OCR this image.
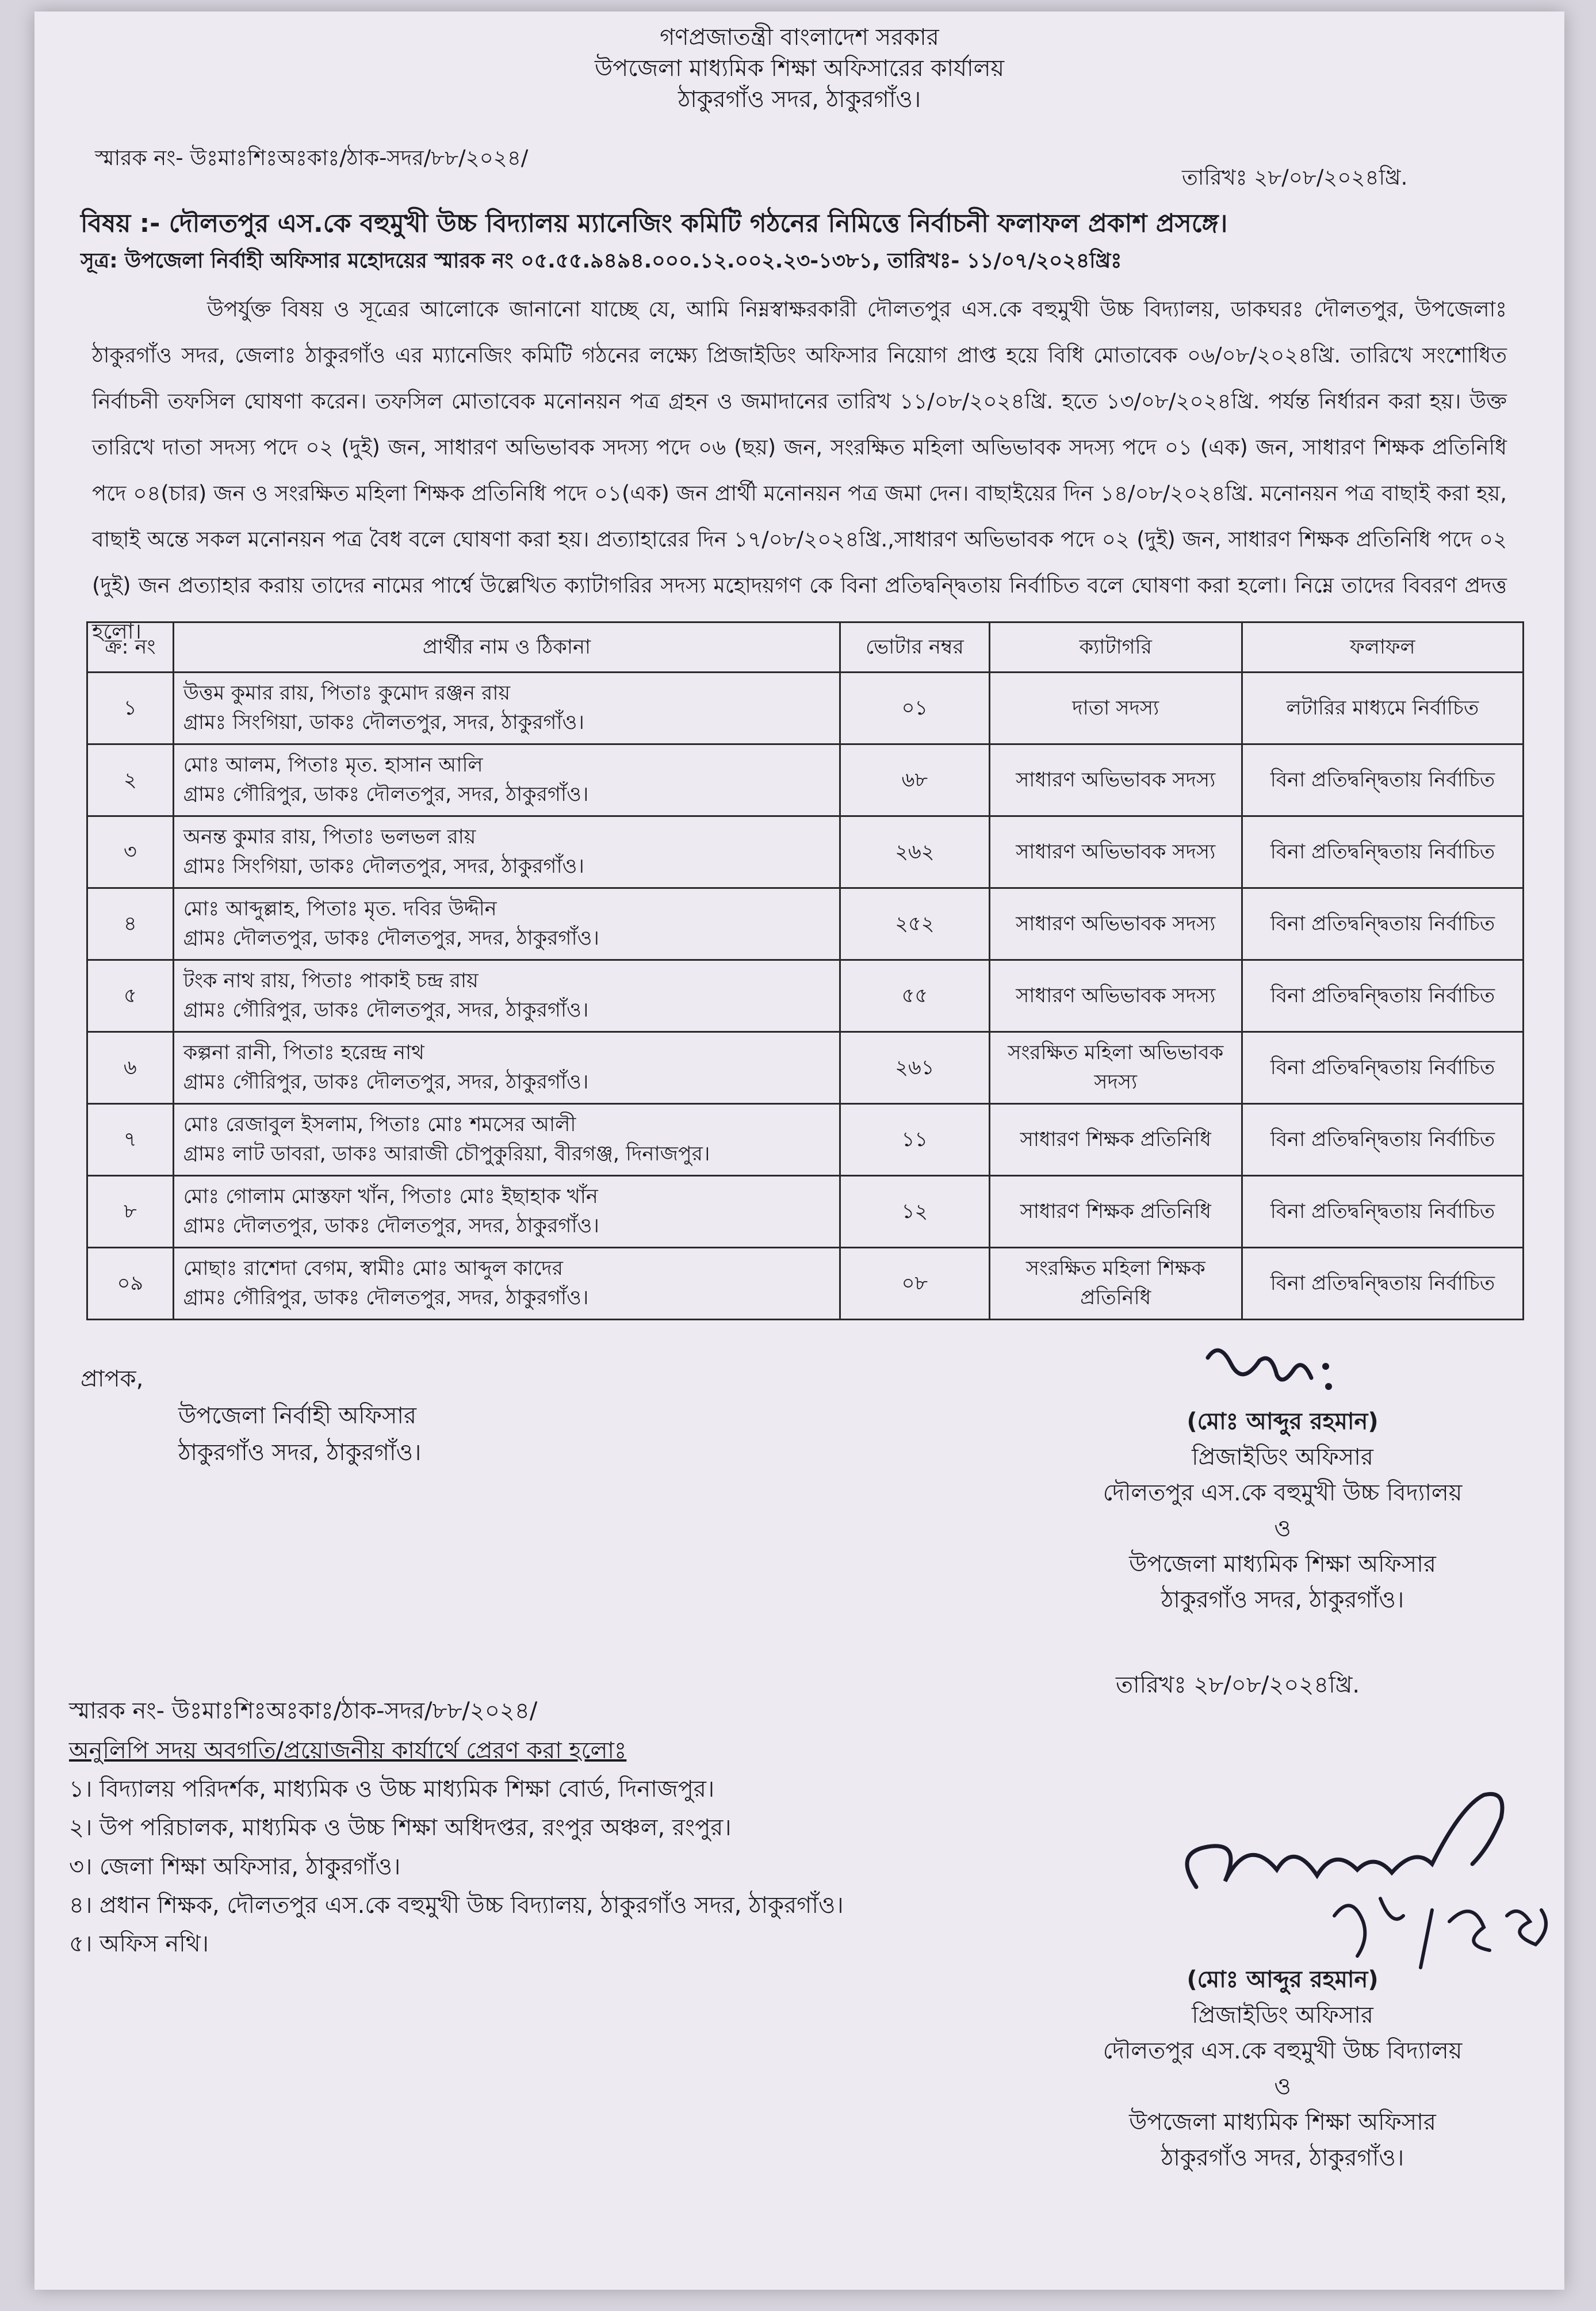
গণপ্রজাতন্ত্রী বাংলাদেশ সরকার
উপজেলা মাধ্যমিক শিক্ষা অফিসারের কার্যালয়
ঠাকুরগাঁও সদর, ঠাকুরগাঁও।
স্মারক নং- উঃমাঃশিঃঅঃকাঃ/ঠাক-সদর/৮৮/২০২৪/
তারিখঃ ২৮/০৮/২০২৪খ্রি.
বিষয় :- দৌলতপুর এস.কে বহুমুখী উচ্চ বিদ্যালয় ম্যানেজিং কমিটি গঠনের নিমিত্তে নির্বাচনী ফলাফল প্রকাশ প্রসঙ্গে।
সূত্র: উপজেলা নির্বাহী অফিসার মহোদয়ের স্মারক নং ০৫.৫৫.৯৪৯৪.০০০.১২.০০২.২৩-১৩৮১, তারিখঃ- ১১/০৭/২০২৪খ্রিঃ
উপর্যুক্ত বিষয় ও সূত্রের আলোকে জানানো যাচ্ছে যে, আমি নিম্নস্বাক্ষরকারী দৌলতপুর এস.কে বহুমুখী উচ্চ বিদ্যালয়, ডাকঘরঃ দৌলতপুর, উপজেলাঃ ঠাকুরগাঁও সদর, জেলাঃ ঠাকুরগাঁও এর ম্যানেজিং কমিটি গঠনের লক্ষ্যে প্রিজাইডিং অফিসার নিয়োগ প্রাপ্ত হয়ে বিধি মোতাবেক ০৬/০৮/২০২৪খ্রি. তারিখে সংশোধিত নির্বাচনী তফসিল ঘোষণা করেন। তফসিল মোতাবেক মনোনয়ন পত্র গ্রহন ও জমাদানের তারিখ ১১/০৮/২০২৪খ্রি. হতে ১৩/০৮/২০২৪খ্রি. পর্যন্ত নির্ধারন করা হয়। উক্ত তারিখে দাতা সদস্য পদে ০২ (দুই) জন, সাধারণ অভিভাবক সদস্য পদে ০৬ (ছয়) জন, সংরক্ষিত মহিলা অভিভাবক সদস্য পদে ০১ (এক) জন, সাধারণ শিক্ষক প্রতিনিধি পদে ০৪(চার) জন ও সংরক্ষিত মহিলা শিক্ষক প্রতিনিধি পদে ০১(এক) জন প্রার্থী মনোনয়ন পত্র জমা দেন। বাছাইয়ের দিন ১৪/০৮/২০২৪খ্রি. মনোনয়ন পত্র বাছাই করা হয়, বাছাই অন্তে সকল মনোনয়ন পত্র বৈধ বলে ঘোষণা করা হয়। প্রত্যাহারের দিন ১৭/০৮/২০২৪খ্রি.,সাধারণ অভিভাবক পদে ০২ (দুই) জন, সাধারণ শিক্ষক প্রতিনিধি পদে ০২ (দুই) জন প্রত্যাহার করায় তাদের নামের পার্শ্বে উল্লেখিত ক্যাটাগরির সদস্য মহোদয়গণ কে বিনা প্রতিদ্বন্দ্বিতায় নির্বাচিত বলে ঘোষণা করা হলো। নিম্নে তাদের বিবরণ প্রদত্ত হলো।
ক্র: নং	প্রার্থীর নাম ও ঠিকানা	ভোটার নম্বর	ক্যাটাগরি	ফলাফল
১	উত্তম কুমার রায়, পিতাঃ কুমোদ রঞ্জন রায়
গ্রামঃ সিংগিয়া, ডাকঃ দৌলতপুর, সদর, ঠাকুরগাঁও।	০১	দাতা সদস্য	লটারির মাধ্যমে নির্বাচিত
২	মোঃ আলম, পিতাঃ মৃত. হাসান আলি
গ্রামঃ গৌরিপুর, ডাকঃ দৌলতপুর, সদর, ঠাকুরগাঁও।	৬৮	সাধারণ অভিভাবক সদস্য	বিনা প্রতিদ্বন্দ্বিতায় নির্বাচিত
৩	অনন্ত কুমার রায়, পিতাঃ ভলভল রায়
গ্রামঃ সিংগিয়া, ডাকঃ দৌলতপুর, সদর, ঠাকুরগাঁও।	২৬২	সাধারণ অভিভাবক সদস্য	বিনা প্রতিদ্বন্দ্বিতায় নির্বাচিত
৪	মোঃ আব্দুল্লাহ, পিতাঃ মৃত. দবির উদ্দীন
গ্রামঃ দৌলতপুর, ডাকঃ দৌলতপুর, সদর, ঠাকুরগাঁও।	২৫২	সাধারণ অভিভাবক সদস্য	বিনা প্রতিদ্বন্দ্বিতায় নির্বাচিত
৫	টংক নাথ রায়, পিতাঃ পাকাই চন্দ্র রায়
গ্রামঃ গৌরিপুর, ডাকঃ দৌলতপুর, সদর, ঠাকুরগাঁও।	৫৫	সাধারণ অভিভাবক সদস্য	বিনা প্রতিদ্বন্দ্বিতায় নির্বাচিত
৬	কল্পনা রানী, পিতাঃ হরেন্দ্র নাথ
গ্রামঃ গৌরিপুর, ডাকঃ দৌলতপুর, সদর, ঠাকুরগাঁও।	২৬১	সংরক্ষিত মহিলা অভিভাবক সদস্য	বিনা প্রতিদ্বন্দ্বিতায় নির্বাচিত
৭	মোঃ রেজাবুল ইসলাম, পিতাঃ মোঃ শমসের আলী
গ্রামঃ লাট ডাবরা, ডাকঃ আরাজী চৌপুকুরিয়া, বীরগঞ্জ, দিনাজপুর।	১১	সাধারণ শিক্ষক প্রতিনিধি	বিনা প্রতিদ্বন্দ্বিতায় নির্বাচিত
৮	মোঃ গোলাম মোস্তফা খাঁন, পিতাঃ মোঃ ইছাহাক খাঁন
গ্রামঃ দৌলতপুর, ডাকঃ দৌলতপুর, সদর, ঠাকুরগাঁও।	১২	সাধারণ শিক্ষক প্রতিনিধি	বিনা প্রতিদ্বন্দ্বিতায় নির্বাচিত
০৯	মোছাঃ রাশেদা বেগম, স্বামীঃ মোঃ আব্দুল কাদের
গ্রামঃ গৌরিপুর, ডাকঃ দৌলতপুর, সদর, ঠাকুরগাঁও।	০৮	সংরক্ষিত মহিলা শিক্ষক প্রতিনিধি	বিনা প্রতিদ্বন্দ্বিতায় নির্বাচিত
প্রাপক,
উপজেলা নির্বাহী অফিসার
ঠাকুরগাঁও সদর, ঠাকুরগাঁও।
(মোঃ আব্দুর রহমান)
প্রিজাইডিং অফিসার
দৌলতপুর এস.কে বহুমুখী উচ্চ বিদ্যালয়
ও
উপজেলা মাধ্যমিক শিক্ষা অফিসার
ঠাকুরগাঁও সদর, ঠাকুরগাঁও।
তারিখঃ ২৮/০৮/২০২৪খ্রি.
স্মারক নং- উঃমাঃশিঃঅঃকাঃ/ঠাক-সদর/৮৮/২০২৪/
অনুলিপি সদয় অবগতি/প্রয়োজনীয় কার্যার্থে প্রেরণ করা হলোঃ
১। বিদ্যালয় পরিদর্শক, মাধ্যমিক ও উচ্চ মাধ্যমিক শিক্ষা বোর্ড, দিনাজপুর।
২। উপ পরিচালক, মাধ্যমিক ও উচ্চ শিক্ষা অধিদপ্তর, রংপুর অঞ্চল, রংপুর।
৩। জেলা শিক্ষা অফিসার, ঠাকুরগাঁও।
৪। প্রধান শিক্ষক, দৌলতপুর এস.কে বহুমুখী উচ্চ বিদ্যালয়, ঠাকুরগাঁও সদর, ঠাকুরগাঁও।
৫। অফিস নথি।
(মোঃ আব্দুর রহমান)
প্রিজাইডিং অফিসার
দৌলতপুর এস.কে বহুমুখী উচ্চ বিদ্যালয়
ও
উপজেলা মাধ্যমিক শিক্ষা অফিসার
ঠাকুরগাঁও সদর, ঠাকুরগাঁও।
